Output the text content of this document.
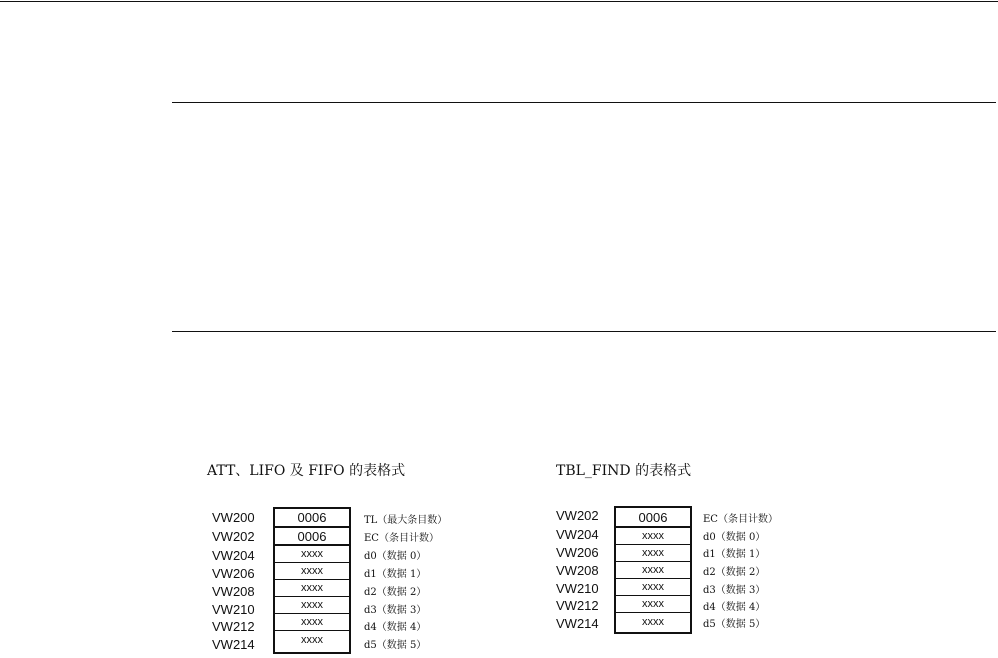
ATT、LIFO 及 FIFO 的表格式
VW200
VW202
VW204
VW206
VW208
VW210
VW212
VW214
0006
0006
xxxx
xxxx
xxxx
xxxx
xxxx
xxxx
TL（最大条目数）
EC（条目计数）
d0（数据 0）
d1（数据 1）
d2（数据 2）
d3（数据 3）
d4（数据 4）
d5（数据 5）
TBL_FIND 的表格式
VW202
VW204
VW206
VW208
VW210
VW212
VW214
0006
xxxx
xxxx
xxxx
xxxx
xxxx
xxxx
EC（条目计数）
d0（数据 0）
d1（数据 1）
d2（数据 2）
d3（数据 3）
d4（数据 4）
d5（数据 5）
